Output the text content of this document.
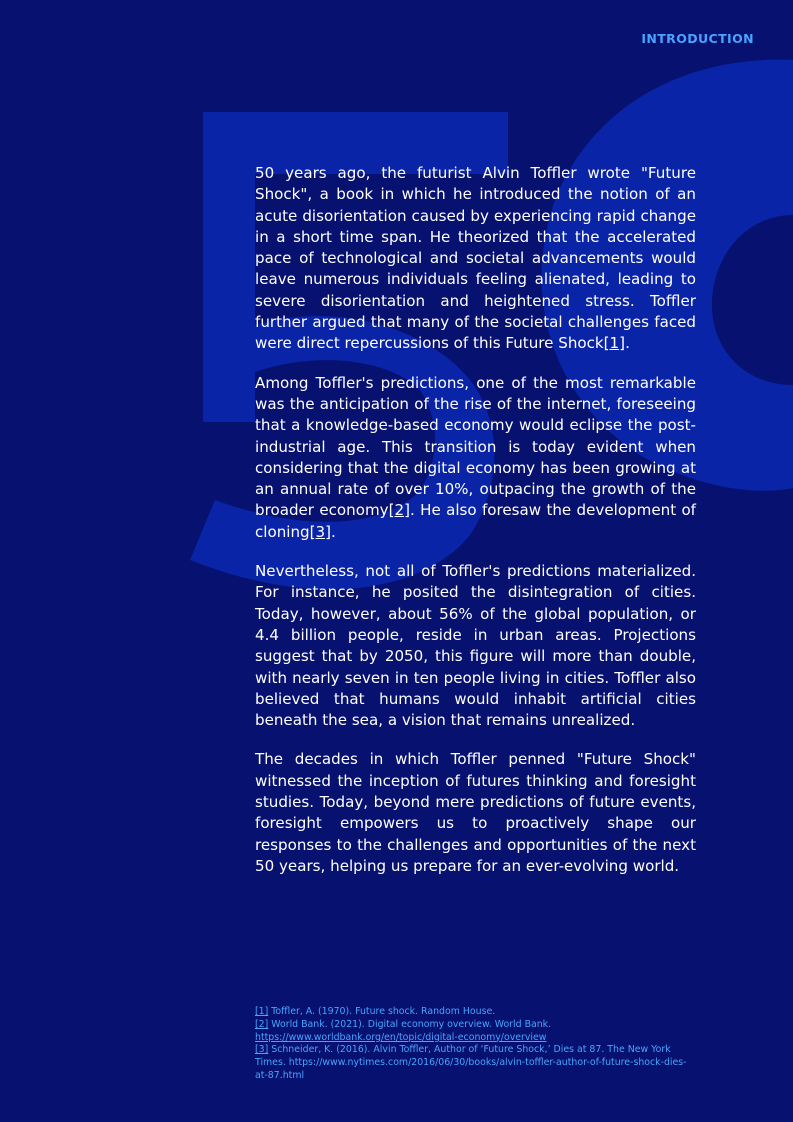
INTRODUCTION

50 years ago, the futurist Alvin Toffler wrote "Future Shock", a book in which he introduced the notion of an acute disorientation caused by experiencing rapid change in a short time span. He theorized that the accelerated pace of technological and societal advancements would leave numerous individuals feeling alienated, leading to severe disorientation and heightened stress. Toffler further argued that many of the societal challenges faced were direct repercussions of this Future Shock[1].

Among Toffler's predictions, one of the most remarkable was the anticipation of the rise of the internet, foreseeing that a knowledge-based economy would eclipse the post-industrial age. This transition is today evident when considering that the digital economy has been growing at an annual rate of over 10%, outpacing the growth of the broader economy[2]. He also foresaw the development of cloning[3].

Nevertheless, not all of Toffler's predictions materialized. For instance, he posited the disintegration of cities. Today, however, about 56% of the global population, or 4.4 billion people, reside in urban areas. Projections suggest that by 2050, this figure will more than double, with nearly seven in ten people living in cities. Toffler also believed that humans would inhabit artificial cities beneath the sea, a vision that remains unrealized.

The decades in which Toffler penned "Future Shock" witnessed the inception of futures thinking and foresight studies. Today, beyond mere predictions of future events, foresight empowers us to proactively shape our responses to the challenges and opportunities of the next 50 years, helping us prepare for an ever-evolving world.

[1] Toffler, A. (1970). Future shock. Random House.

[2] World Bank. (2021). Digital economy overview. World Bank. https://www.worldbank.org/en/topic/digital-economy/overview

[3] Schneider, K. (2016). Alvin Toffler, Author of ‘Future Shock,’ Dies at 87. The New York Times. https://www.nytimes.com/2016/06/30/books/alvin-toffler-author-of-future-shock-dies-at-87.html
